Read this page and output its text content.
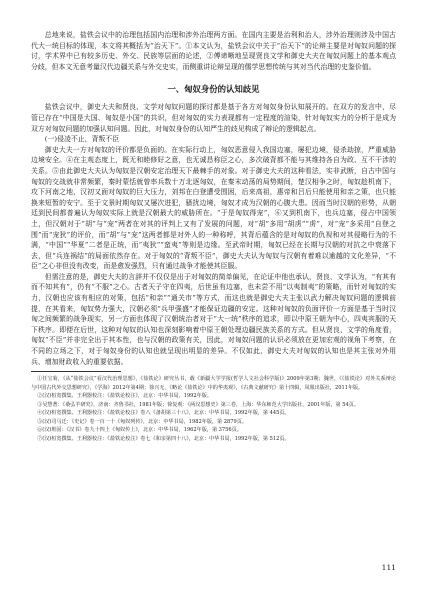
总地来说，盐铁会议中的治理包括国内治理和涉外治理两方面。在国内主要是治利和治人，涉外治理则涉及中国古代大一统目标的体现，本文将其概括为“治天下”。①本文认为，盐铁会议中关于“治天下”的论辩主要是对匈奴问题的探讨，学术界中已有较多历史、外交、民族等层面的论述，②傅谛晰地呈现贤良文学和御史大夫在匈奴问题上的基本观点分歧，但本文无意考量汉代边疆关系与外交史实，而侧重讲论辩呈现的儒学思想传统与其对当代治理的史鉴价值。

一、匈奴身份的认知歧见

盐铁会议中，御史大夫和贤良、文学对匈奴问题的探讨都是基于各方对匈奴身份认知展开的。在双方的发言中，尽管已存在“中国是大国、匈奴是小国”的共识，但对匈奴的实力表现都有一定程度的渲染，针对匈奴实力的分析于是成为双方对匈奴问题的加强认知问题。因此，对匈奴身份的认知严生的歧见构成了辩论的逻辑起点。

(一)侵凌不止，背叛不臣

御史大夫一方对匈奴的评价都是负面的。在实际行动上，匈奴恶意侵入我国边塞，屡犯边境，侵杀劫掠，严重威胁边境安全。④在主观态度上，既无和睦修好之意，也无诚恳称臣之心，多次破背都不能与其维持各自为政、互不干涉的关系。⑤由此御史大夫认为匈奴是汉朝安定治理天下最棘手的对象。对于御史大夫的这种看法，实非武断，自古中国与匈奴的交战就非常频繁，秦时蒙恬就曾率兵数十万北逐匈奴，在秦末动荡的局势期间，楚汉相争之时，匈奴趁机南下，攻下河南之地，汉初又面对匈奴的巨大压力，刘邦在白登遭受围困，后来高祖，惠帝和吕后只能使用和亲之策，也只能换来短暂的安宁。至于文景时期匈奴又屡次进犯，骚扰边境，匈奴才成为汉朝的心腹大患。因而当时汉朝的形势，从朝廷到民间都普遍认为匈奴实际上就是汉朝最大的威胁所在。“于是匈奴得宠”，⑥又到机南下，也兵边塞，侵占中国领土，但汉朝对于“胡”与“宠”两者在对其的评判上又有了发展的问题，对“胡”多用“胡虏”“虏”，对“宠”多采用“自登之围”而“宠狄”的评价，而“胡”与“宠”这两者都是对外人的一种称呼，其背后蕴含的是对匈奴的仇视和对其侵略行为的不满，“中国”“华夏”二者是正统，而“夷狄”“蛮夷”等则是边缘。至武帝时期，匈奴已经在长期与汉朝的对抗之中衰落下去，但“兵连祸结”的局面依然存在。对于匈奴的“背叛不臣”，御史大夫认为匈奴与汉朝有着难以逾越的文化差异，“不臣”之心非但没有改变，而是愈发强烈，只有通过战争才能使其臣服。

但需注意的是，御史大夫的言辞并不仅仅是出于对匈奴的简单偏见，在论证中他也承认，贤良、文学认为，“有其有而不知其有”，仍有“不服”之心。古者天子守在四夷，后世虽有边塞，也未尝不用“以夷制夷”的策略，而针对匈奴的实力，汉朝也应该有相应的对策，包括“和亲”“通关市”等方式，而这也就是御史大夫主张以武力解决匈奴问题的逻辑前提，在其看来，匈奴势力强大，汉朝必须“兵甲强盛”才能保证边疆的安定。这种对匈奴的负面评价一方面是基于当时汉匈之间频繁的战争现实，另一方面也体现了汉朝统治者对于“大一统”秩序的追求，即以中原王朝为中心，四夷宾服的天下秩序。即便在后世，这种对匈奴的认知也深刻影响着中原王朝处理边疆民族关系的方式。但从贤良、文学的角度看，匈奴“不臣”并非完全出于其本性，也与汉朝的政策有关，因此，对匈奴问题的认识必须放在更加宏观的视角下考察，在不同的立场之下，对于匈奴身份的认知也就呈现出明显的差异。不仅如此，御史大夫对匈奴的认知也是其主张对外用兵、增加财政收入的重要依据。

①任宝菊，《从“盐铁会议”看汉代治理思想》，《盐铁论》研究丛书，载《新疆大学学报(哲学人文社会科学版)》2009年第3期；魏世，《《盐铁论》对外关系辩论与中国古代外交思想研究》，《学海》2012年第4期；徐兴无，《略论《盐铁论》中的华夷观》，《古典文献研究》第十四辑，凤凰出版社，2011年版。

②(汉)桓宽撰集、王利器校注：《盐铁论校注》，北京：中华书局，1992年版。

③吴慧著：《桑弘羊研究》，济南：齐鲁书社，1981年版；徐复观：《两汉思想史》第三卷，上海：华东师范大学出版社，2001年版，第 54页。

④(汉)桓宽撰集、王利器校注：《盐铁论校注》卷八《备胡第三十八》，北京：中华书局，1992年版，第 445页。

⑤(汉)司马迁：《史记》卷一百一十《匈奴列传》，北京：中华书局，1982年版，第 2879页。

⑥(汉)班固：《汉书》卷九十四上《匈奴传上》，北京：中华书局，1962年版，第 3756页。

⑦(汉)桓宽撰集、王利器校注：《盐铁论校注》卷七《和亲第四十八》，北京：中华书局，1992年版，第 512页。

111
